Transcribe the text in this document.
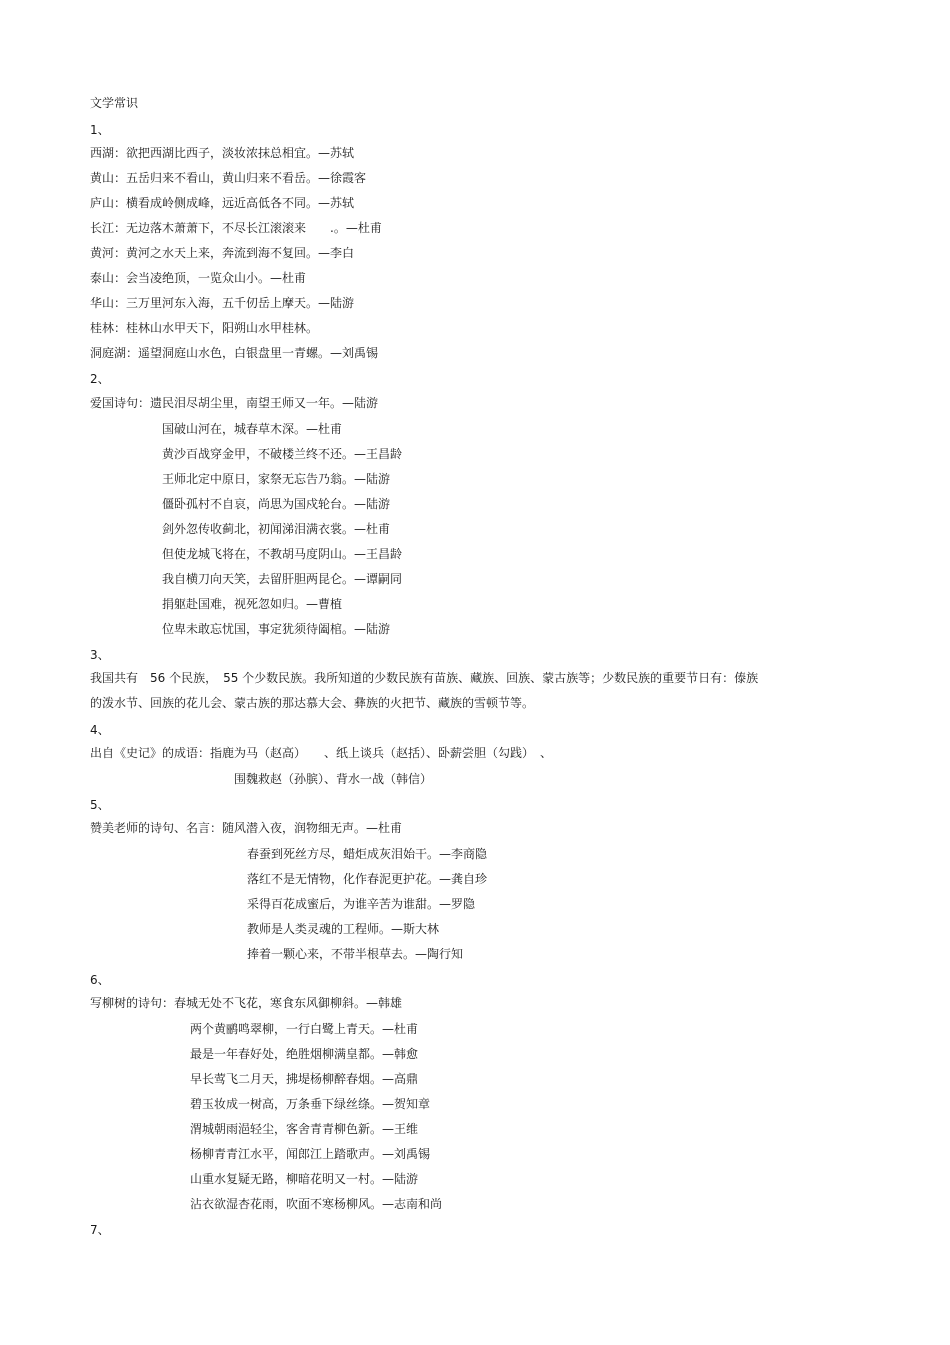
文学常识
1、
西湖：欲把西湖比西子，淡妆浓抹总相宜。—苏轼
黄山：五岳归来不看山，黄山归来不看岳。—徐霞客
庐山：横看成岭侧成峰，远近高低各不同。—苏轼
长江：无边落木萧萧下，不尽长江滚滚来　　.。—杜甫
黄河：黄河之水天上来，奔流到海不复回。—李白
泰山：会当凌绝顶，一览众山小。—杜甫
华山：三万里河东入海，五千仞岳上摩天。—陆游
桂林：桂林山水甲天下，阳朔山水甲桂林。
洞庭湖：遥望洞庭山水色，白银盘里一青螺。—刘禹锡
2、
爱国诗句：遗民泪尽胡尘里，南望王师又一年。—陆游
国破山河在，城春草木深。—杜甫
黄沙百战穿金甲，不破楼兰终不还。—王昌龄
王师北定中原日，家祭无忘告乃翁。—陆游
僵卧孤村不自哀，尚思为国戍轮台。—陆游
剑外忽传收蓟北，初闻涕泪满衣裳。—杜甫
但使龙城飞将在，不教胡马度阴山。—王昌龄
我自横刀向天笑，去留肝胆两昆仑。—谭嗣同
捐躯赴国难，视死忽如归。—曹植
位卑未敢忘忧国，事定犹须待阖棺。—陆游
3、
我国共有　56 个民族，　55 个少数民族。我所知道的少数民族有苗族、藏族、回族、蒙古族等；少数民族的重要节日有：傣族
的泼水节、回族的花儿会、蒙古族的那达慕大会、彝族的火把节、藏族的雪顿节等。
4、
出自《史记》的成语：指鹿为马（赵高）　　、纸上谈兵（赵括）、卧薪尝胆（勾践）　、
围魏救赵（孙膑）、背水一战（韩信）
5、
赞美老师的诗句、名言：随风潜入夜，润物细无声。—杜甫
春蚕到死丝方尽，蜡炬成灰泪始干。—李商隐
落红不是无情物，化作春泥更护花。—龚自珍
采得百花成蜜后，为谁辛苦为谁甜。—罗隐
教师是人类灵魂的工程师。—斯大林
捧着一颗心来，不带半根草去。—陶行知
6、
写柳树的诗句：春城无处不飞花，寒食东风御柳斜。—韩雄
两个黄鹂鸣翠柳，一行白鹭上青天。—杜甫
最是一年春好处，绝胜烟柳满皇都。—韩愈
早长莺飞二月天，拂堤杨柳醉春烟。—高鼎
碧玉妆成一树高，万条垂下绿丝绦。—贺知章
渭城朝雨浥轻尘，客舍青青柳色新。—王维
杨柳青青江水平，闻郎江上踏歌声。—刘禹锡
山重水复疑无路，柳暗花明又一村。—陆游
沾衣欲湿杏花雨，吹面不寒杨柳风。—志南和尚
7、
